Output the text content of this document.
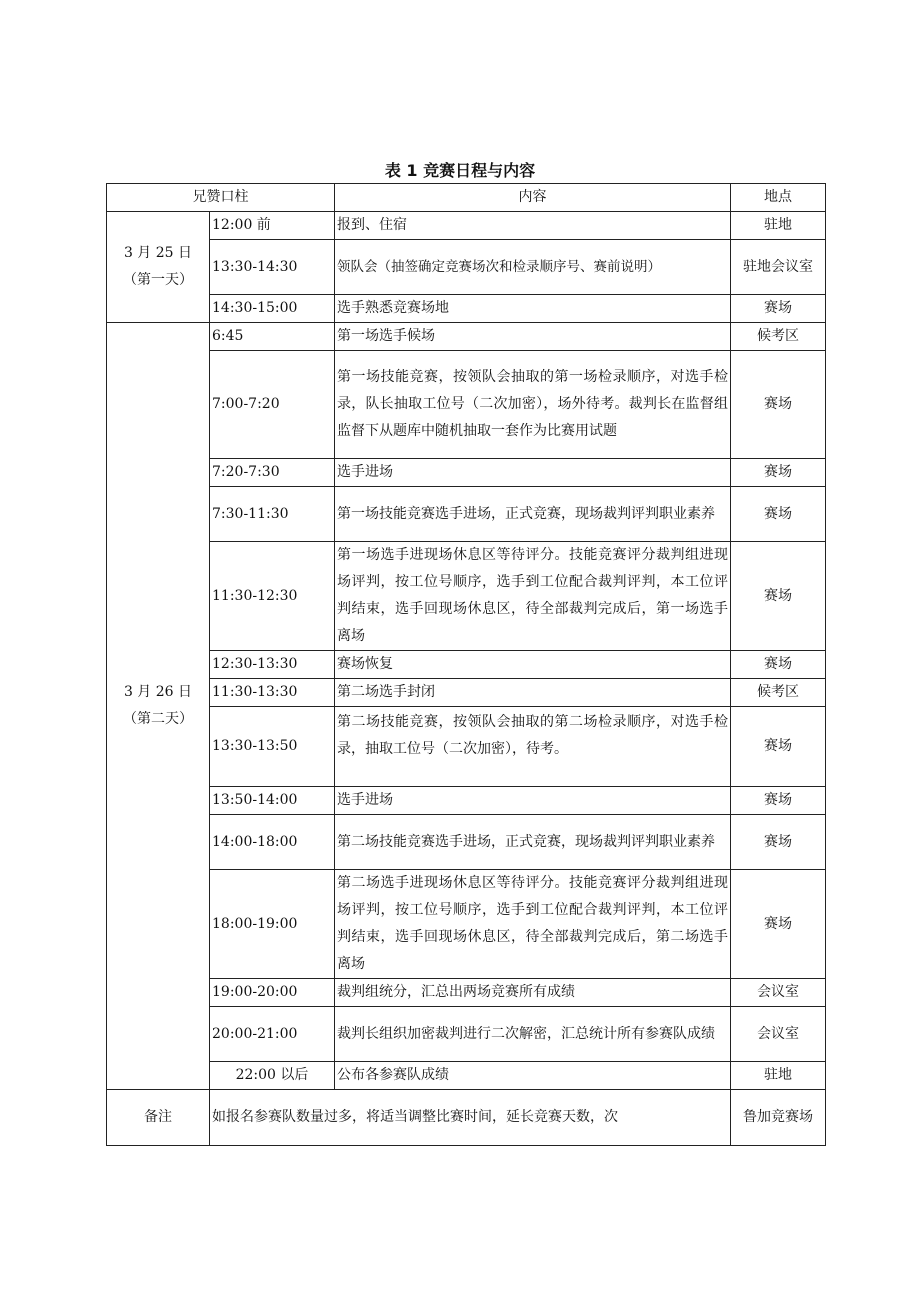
表 1 竞赛日程与内容
兄赞口柱		内容	地点

3 月 25 日
（第一天）	12:00 前	报到、住宿	驻地
	13:30-14:30	领队会（抽签确定竞赛场次和检录顺序号、赛前说明）	驻地会议室
	14:30-15:00	选手熟悉竞赛场地	赛场

3 月 26 日
（第二天）	6:45	第一场选手候场	候考区
	7:00-7:20	第一场技能竞赛，按领队会抽取的第一场检录顺序，对选手检录，队长抽取工位号（二次加密），场外待考。裁判长在监督组监督下从题库中随机抽取一套作为比赛用试题	赛场
	7:20-7:30	选手进场	赛场
	7:30-11:30	第一场技能竞赛选手进场，正式竞赛，现场裁判评判职业素养	赛场
	11:30-12:30	第一场选手进现场休息区等待评分。技能竞赛评分裁判组进现场评判，按工位号顺序，选手到工位配合裁判评判，本工位评判结束，选手回现场休息区，待全部裁判完成后，第一场选手离场	赛场
	12:30-13:30	赛场恢复	赛场
	11:30-13:30	第二场选手封闭	候考区
	13:30-13:50	第二场技能竞赛，按领队会抽取的第二场检录顺序，对选手检录，抽取工位号（二次加密），待考。	赛场
	13:50-14:00	选手进场	赛场
	14:00-18:00	第二场技能竞赛选手进场，正式竞赛，现场裁判评判职业素养	赛场
	18:00-19:00	第二场选手进现场休息区等待评分。技能竞赛评分裁判组进现场评判，按工位号顺序，选手到工位配合裁判评判，本工位评判结束，选手回现场休息区，待全部裁判完成后，第二场选手离场	赛场
	19:00-20:00	裁判组统分，汇总出两场竞赛所有成绩	会议室
	20:00-21:00	裁判长组织加密裁判进行二次解密，汇总统计所有参赛队成绩	会议室
	22:00 以后	公布各参赛队成绩	驻地
备注	如报名参赛队数量过多，将适当调整比赛时间，延长竞赛天数，次		鲁加竞赛场
